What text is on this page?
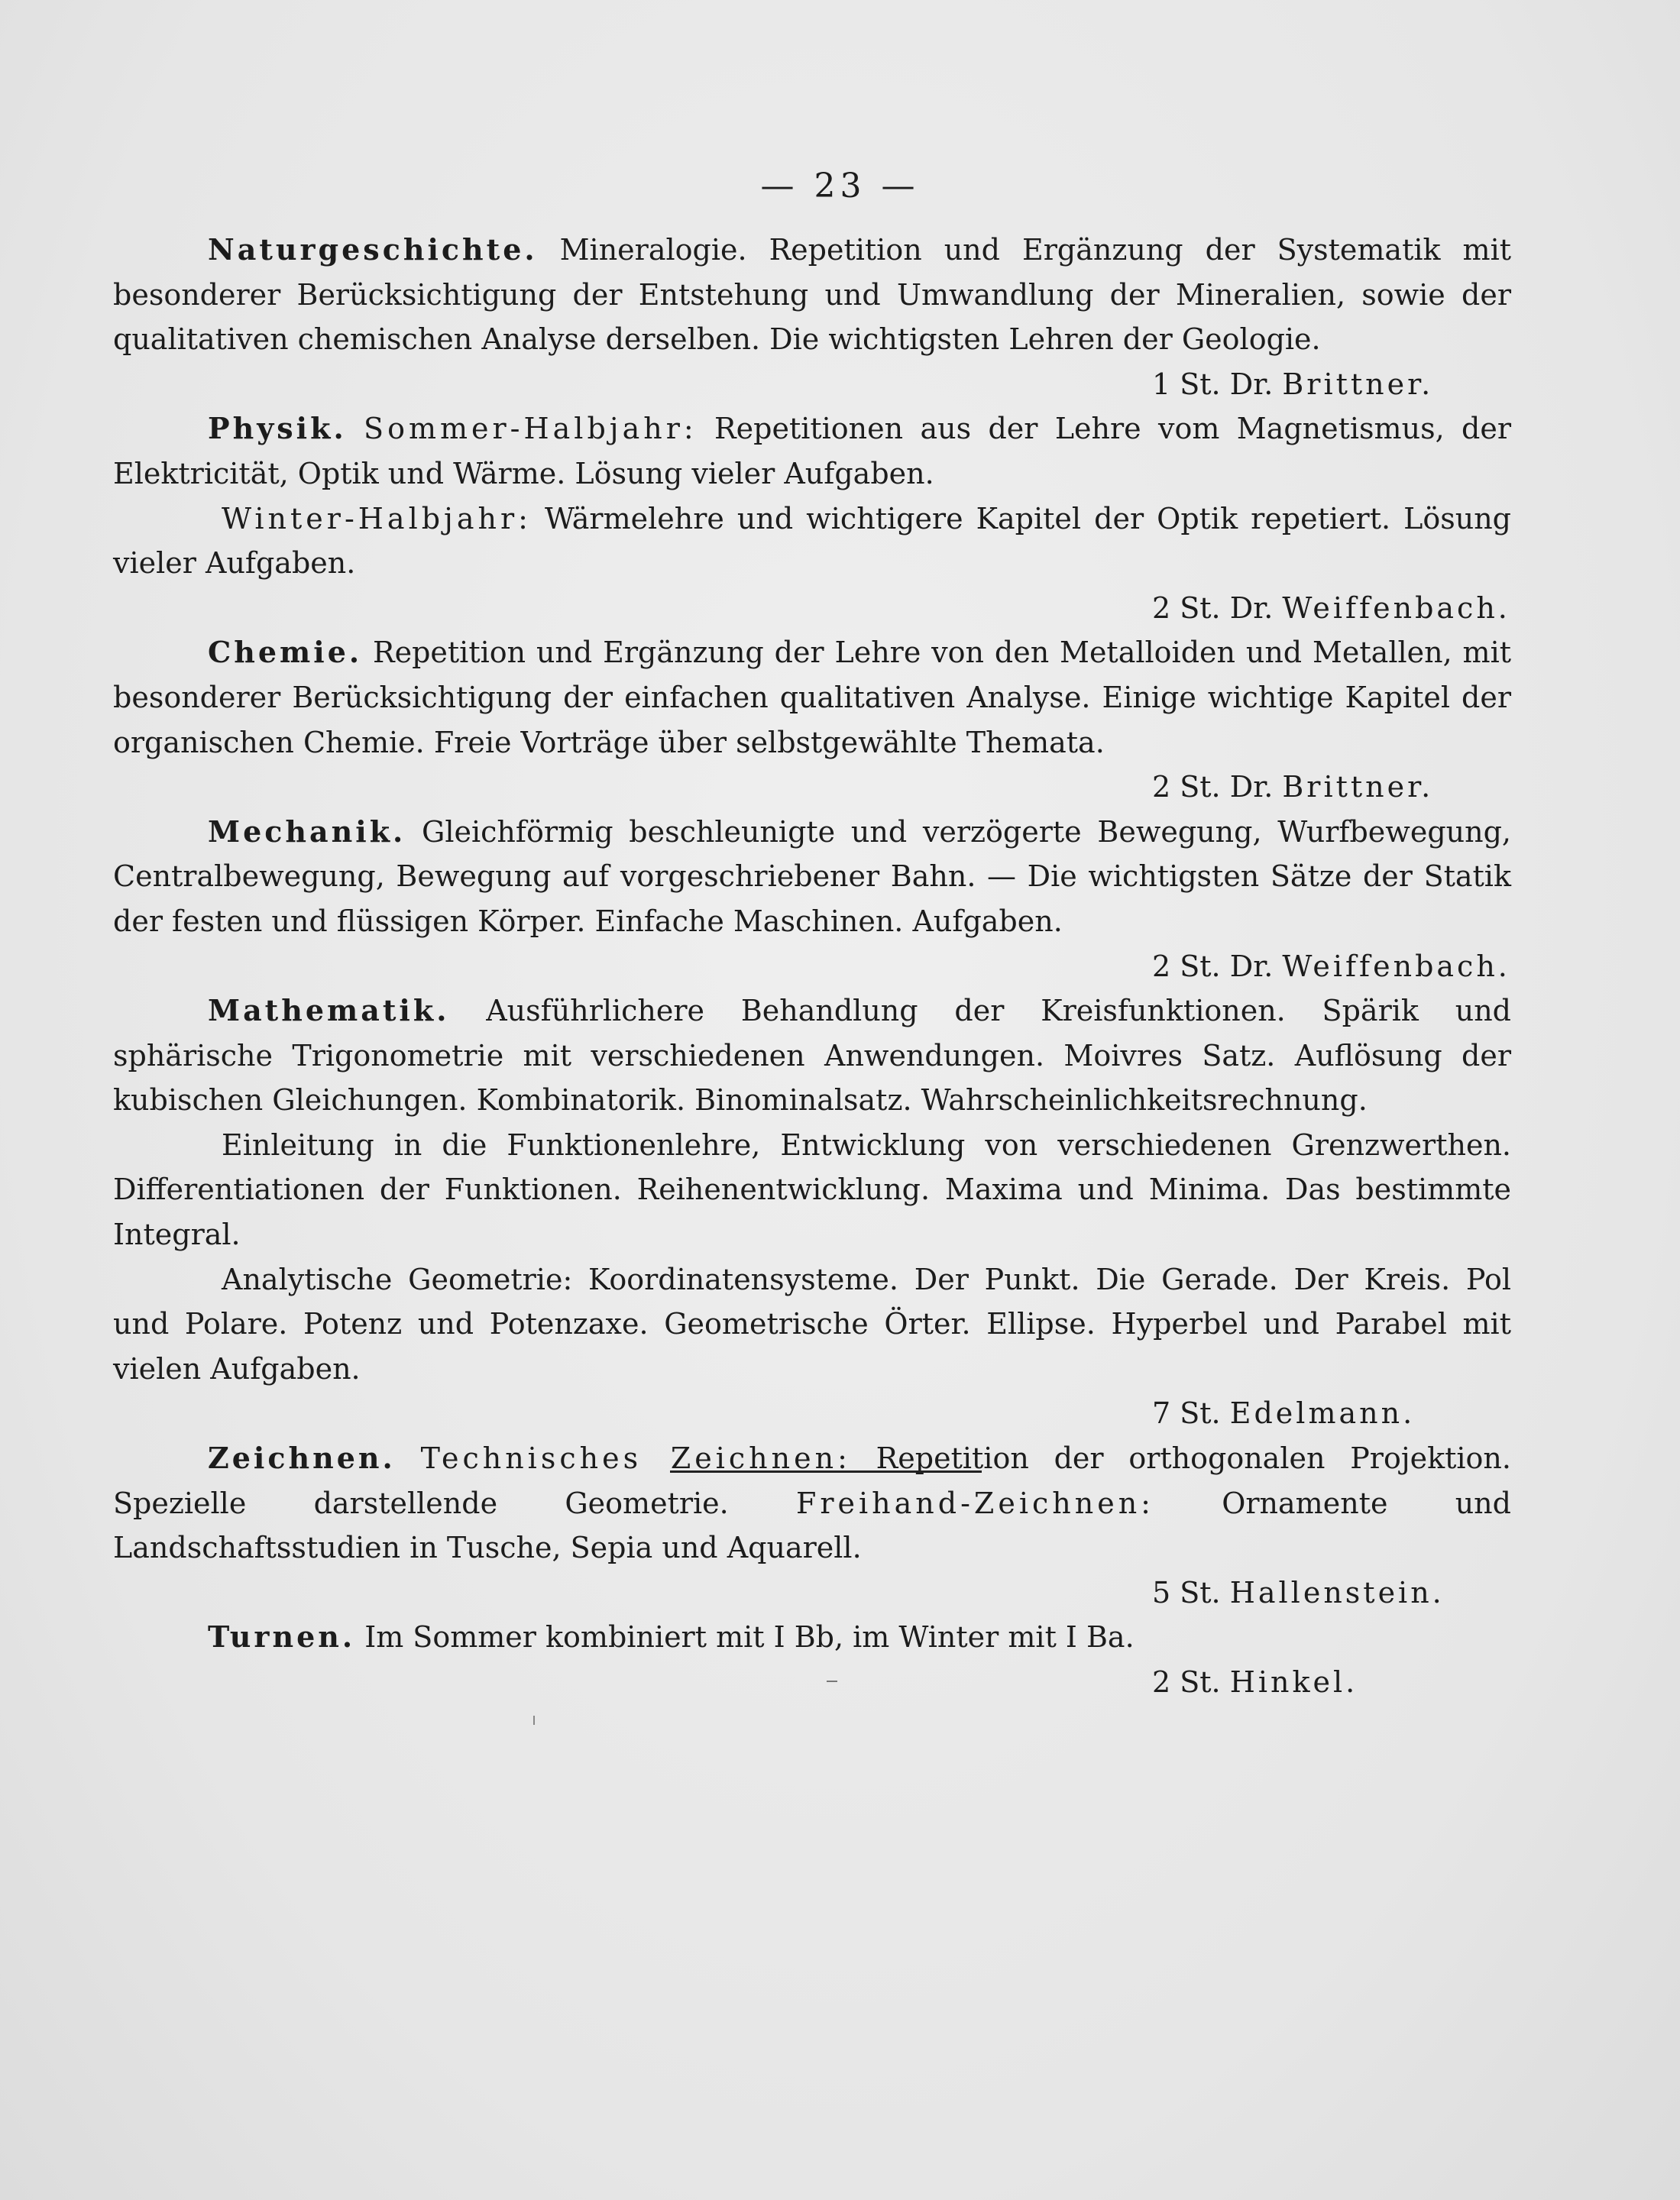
— 23 —

Naturgeschichte. Mineralogie. Repetition und Ergänzung der Systematik mit besonderer Berücksichtigung der Entstehung und Umwandlung der Mineralien, sowie der qualitativen chemischen Analyse derselben. Die wichtigsten Lehren der Geologie.

1 St. Dr. Brittner.

Physik. Sommer-Halbjahr: Repetitionen aus der Lehre vom Magnetismus, der Elektricität, Optik und Wärme. Lösung vieler Aufgaben.

Winter-Halbjahr: Wärmelehre und wichtigere Kapitel der Optik repetiert. Lösung vieler Aufgaben.

2 St. Dr. Weiffenbach.

Chemie. Repetition und Ergänzung der Lehre von den Metalloiden und Metallen, mit besonderer Berücksichtigung der einfachen qualitativen Analyse. Einige wichtige Kapitel der organischen Chemie. Freie Vorträge über selbstgewählte Themata.

2 St. Dr. Brittner.

Mechanik. Gleichförmig beschleunigte und verzögerte Bewegung, Wurfbewegung, Centralbewegung, Bewegung auf vorgeschriebener Bahn. — Die wichtigsten Sätze der Statik der festen und flüssigen Körper. Einfache Maschinen. Aufgaben.

2 St. Dr. Weiffenbach.

Mathematik. Ausführlichere Behandlung der Kreisfunktionen. Spärik und sphärische Trigonometrie mit verschiedenen Anwendungen. Moivres Satz. Auflösung der kubischen Gleichungen. Kombinatorik. Binominalsatz. Wahrscheinlichkeitsrechnung.

Einleitung in die Funktionenlehre, Entwicklung von verschiedenen Grenzwerthen. Differentiationen der Funktionen. Reihenentwicklung. Maxima und Minima. Das bestimmte Integral.

Analytische Geometrie: Koordinatensysteme. Der Punkt. Die Gerade. Der Kreis. Pol und Polare. Potenz und Potenzaxe. Geometrische Örter. Ellipse. Hyperbel und Parabel mit vielen Aufgaben.

7 St. Edelmann.

Zeichnen. Technisches Zeichnen: Repetition der orthogonalen Projektion. Spezielle darstellende Geometrie. Freihand-Zeichnen: Ornamente und Landschaftsstudien in Tusche, Sepia und Aquarell.

5 St. Hallenstein.

Turnen. Im Sommer kombiniert mit I Bb, im Winter mit I Ba.

2 St. Hinkel.
